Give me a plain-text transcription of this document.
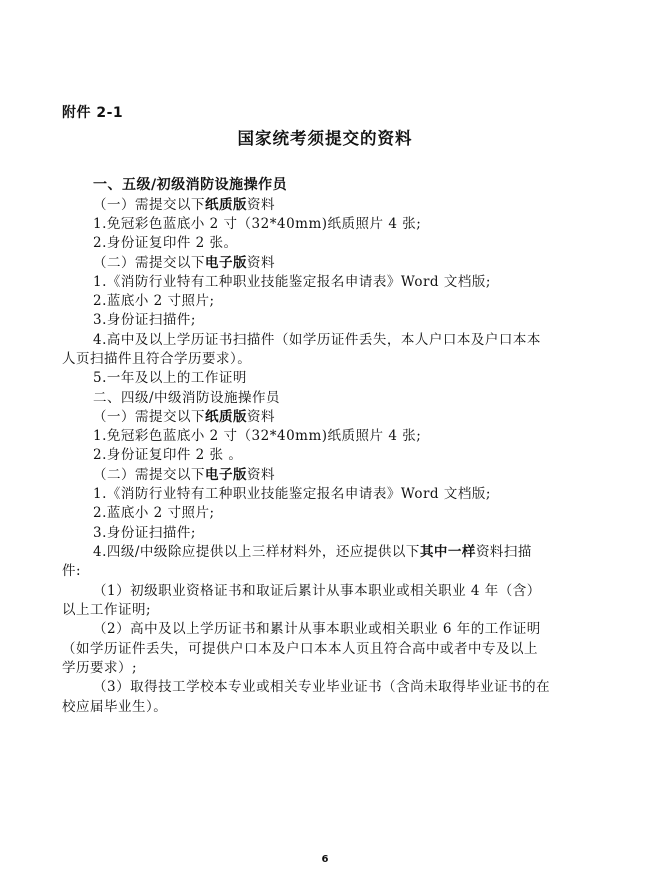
附件 2-1
国家统考须提交的资料
一、五级/初级消防设施操作员
（一）需提交以下纸质版资料
1.免冠彩色蓝底小 2 寸（32*40mm)纸质照片 4 张;
2.身份证复印件 2 张。
（二）需提交以下电子版资料
1.《消防行业特有工种职业技能鉴定报名申请表》Word 文档版;
2.蓝底小 2 寸照片;
3.身份证扫描件;
4.高中及以上学历证书扫描件（如学历证件丢失，本人户口本及户口本本
人页扫描件且符合学历要求）。
5.一年及以上的工作证明
二、四级/中级消防设施操作员
（一）需提交以下纸质版资料
1.免冠彩色蓝底小 2 寸（32*40mm)纸质照片 4 张;
2.身份证复印件 2 张 。
（二）需提交以下电子版资料
1.《消防行业特有工种职业技能鉴定报名申请表》Word 文档版;
2.蓝底小 2 寸照片;
3.身份证扫描件;
4.四级/中级除应提供以上三样材料外，还应提供以下其中一样资料扫描
件:
（1）初级职业资格证书和取证后累计从事本职业或相关职业 4 年（含）
以上工作证明;
（2）高中及以上学历证书和累计从事本职业或相关职业 6 年的工作证明
（如学历证件丢失，可提供户口本及户口本本人页且符合高中或者中专及以上
学历要求）;
（3）取得技工学校本专业或相关专业毕业证书（含尚未取得毕业证书的在
校应届毕业生）。
6
